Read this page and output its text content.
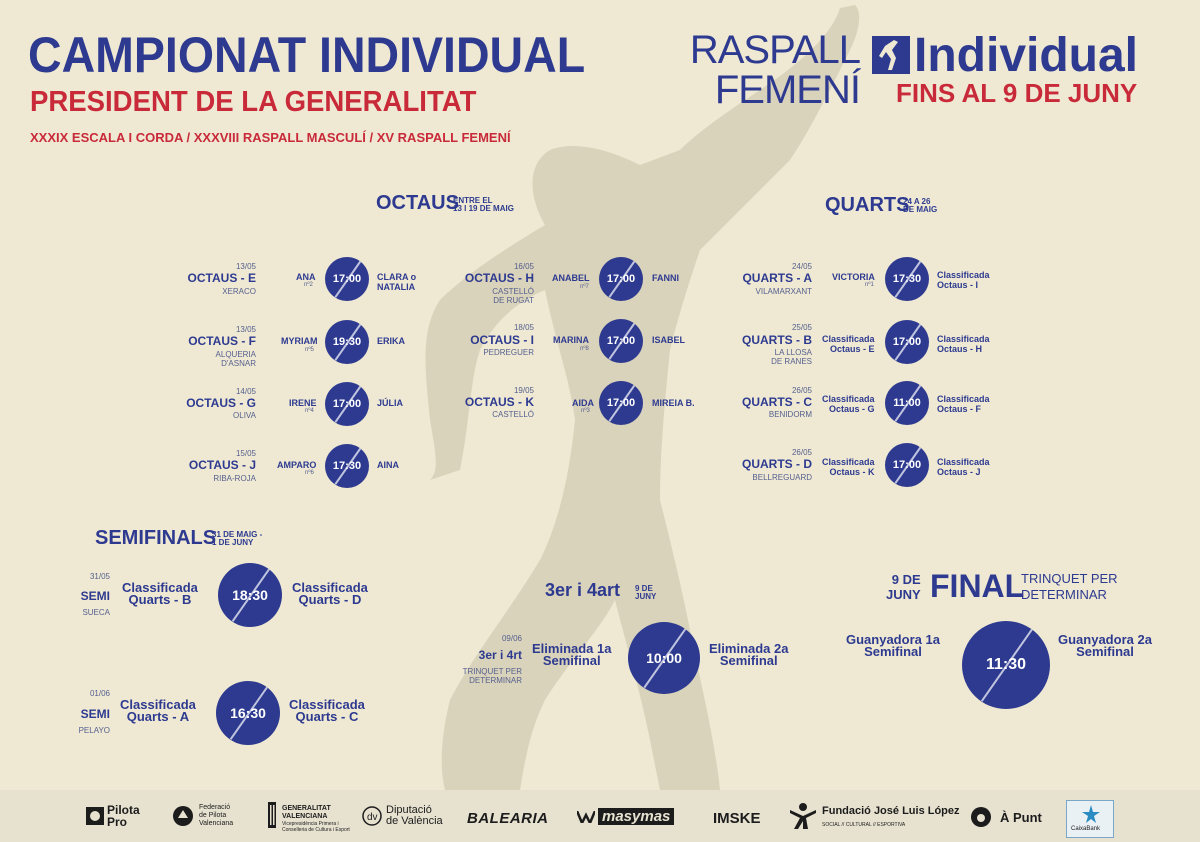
CAMPIONAT INDIVIDUAL
PRESIDENT DE LA GENERALITAT
XXXIX ESCALA I CORDA / XXXVIII RASPALL MASCULÍ / XV RASPALL FEMENÍ
RASPALL
FEMENÍ
Individual
FINS AL 9 DE JUNY
OCTAUS
ENTRE EL
13 I 19 DE MAIG	QUARTS
24 A 26
DE MAIG
13/05
OCTAUS - E
XERACO
ANA
nº2 17:00 CLARA o
NATALIA
13/05
OCTAUS - F
ALQUERIA
D'ASNAR
MYRIAM
nº5
19:30 ERIKA
14/05
OCTAUS - G
OLIVA
IRENE
nº4
17:00 JÚLIA
15/05
OCTAUS - J
RIBA-ROJA
AMPARO
nº6
17:30 AINA
16/05
OCTAUS - H
CASTELLÓ
DE RUGAT
ANABEL
nº7
17:00 FANNI
18/05
OCTAUS - I
PEDREGUER
MARINA
nº8
17:00 ISABEL
19/05
OCTAUS - K
CASTELLÓ
AIDA
nº3
17:00 MIREIA B.
24/05
QUARTS - A
VILAMARXANT
VICTORIA
nº1 17:30 Classificada
Octaus - I
25/05
QUARTS - B
LA LLOSA
DE RANES
Classificada
Octaus - E
17:00 Classificada
Octaus - H
26/05
QUARTS - C
BENIDORM
Classificada
Octaus - G 11:00 Classificada
Octaus - F
26/05
QUARTS - D
BELLREGUARD
Classificada
Octaus - K
17:00 Classificada
Octaus - J
SEMIFINALS
31 DE MAIG -
1 DE JUNY
31/05
SEMI
SUECA
Classificada
Quarts - B	18:30 Classificada
Quarts - D
01/06
SEMI
PELAYO
Classificada
Quarts - A	16:30
Classificada
Quarts - C
3er i 4art 9 DE
JUNY
09/06
3er i 4rt
TRINQUET PER
DETERMINAR
Eliminada 1a
Semifinal	10:00
Eliminada 2a
Semifinal
9 DE
JUNY FINAL
TRINQUET PER
DETERMINAR
Guanyadora 1a
Semifinal
11:30
Guanyadora 2a
Semifinal
Pilota
Pro
Federació
de Pilota
Valenciana
GENERALITAT
VALENCIANA
Vicepresidència Primera i
Conselleria de Cultura i Esport
dv
Diputació
de València BALEARIA	masymas	IMSKE	Fundació José Luis López
SOCIAL // CULTURAL // ESPORTIVA	À Punt
CaixaBank
